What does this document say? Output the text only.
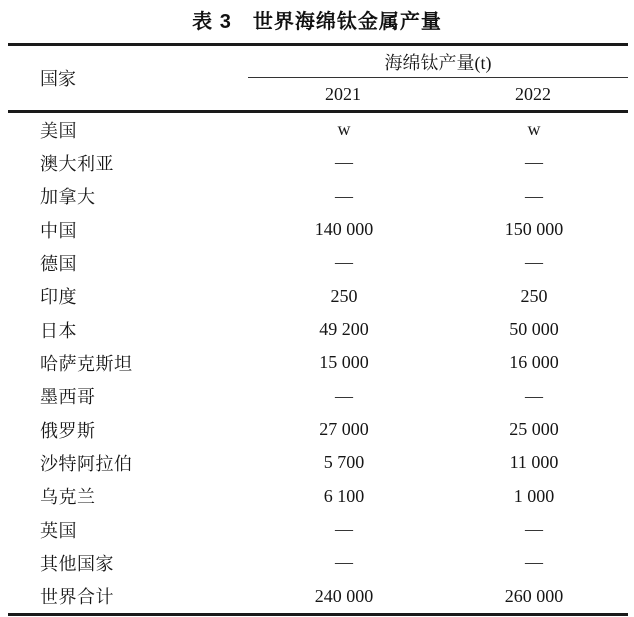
表 3　世界海绵钛金属产量
国家
海绵钛产量(t)
2021	2022
美国	w	w
澳大利亚	—	—
加拿大	—	—
中国	140 000	150 000
德国	—	—
印度	250	250
日本	49 200	50 000
哈萨克斯坦	15 000	16 000
墨西哥	—	—
俄罗斯	27 000	25 000
沙特阿拉伯	5 700	11 000
乌克兰	6 100	1 000
英国	—	—
其他国家	—	—
世界合计	240 000	260 000
